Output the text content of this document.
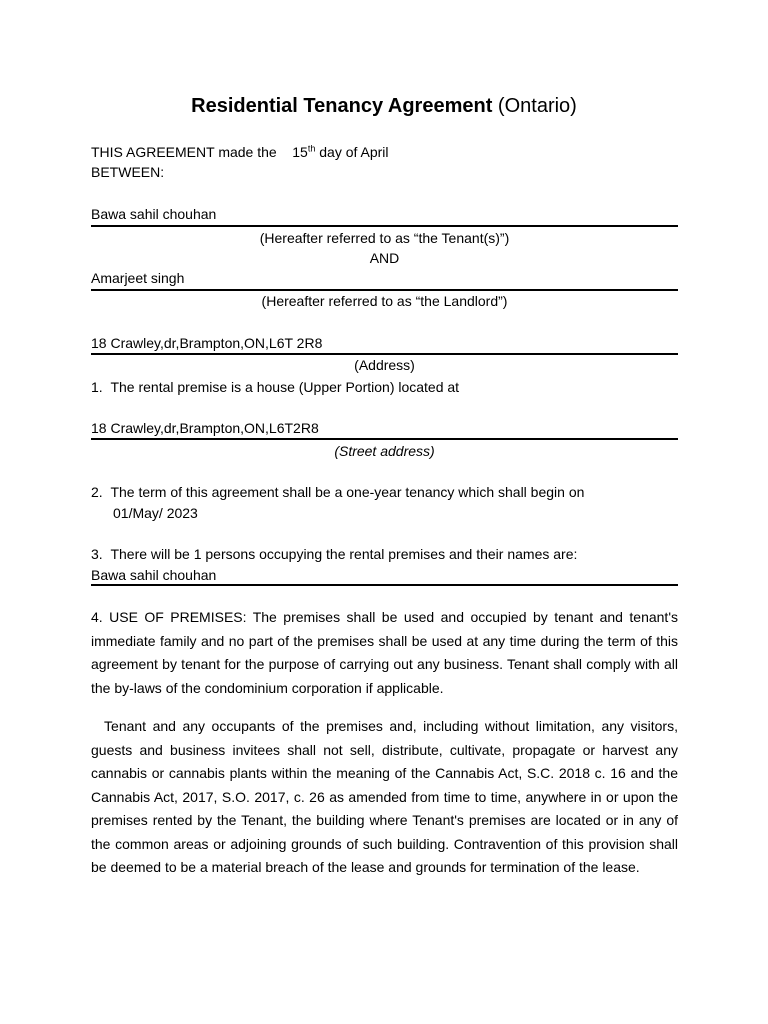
Residential Tenancy Agreement (Ontario)
THIS AGREEMENT made the 15th day of April
BETWEEN:
Bawa sahil chouhan
(Hereafter referred to as “the Tenant(s)”)
AND
Amarjeet singh
(Hereafter referred to as “the Landlord”)
18 Crawley,dr,Brampton,ON,L6T 2R8
(Address)
1.  The rental premise is a house (Upper Portion) located at
18 Crawley,dr,Brampton,ON,L6T2R8
(Street address)
2.  The term of this agreement shall be a one-year tenancy which shall begin on
01/May/ 2023
3.  There will be 1 persons occupying the rental premises and their names are:
Bawa sahil chouhan
4. USE OF PREMISES: The premises shall be used and occupied by tenant and tenant's immediate family and no part of the premises shall be used at any time during the term of this agreement by tenant for the purpose of carrying out any business. Tenant shall comply with all the by-laws of the condominium corporation if applicable.
Tenant and any occupants of the premises and, including without limitation, any visitors, guests and business invitees shall not sell, distribute, cultivate, propagate or harvest any cannabis or cannabis plants within the meaning of the Cannabis Act, S.C. 2018 c. 16 and the Cannabis Act, 2017, S.O. 2017, c. 26 as amended from time to time, anywhere in or upon the premises rented by the Tenant, the building where Tenant's premises are located or in any of the common areas or adjoining grounds of such building. Contravention of this provision shall be deemed to be a material breach of the lease and grounds for termination of the lease.
